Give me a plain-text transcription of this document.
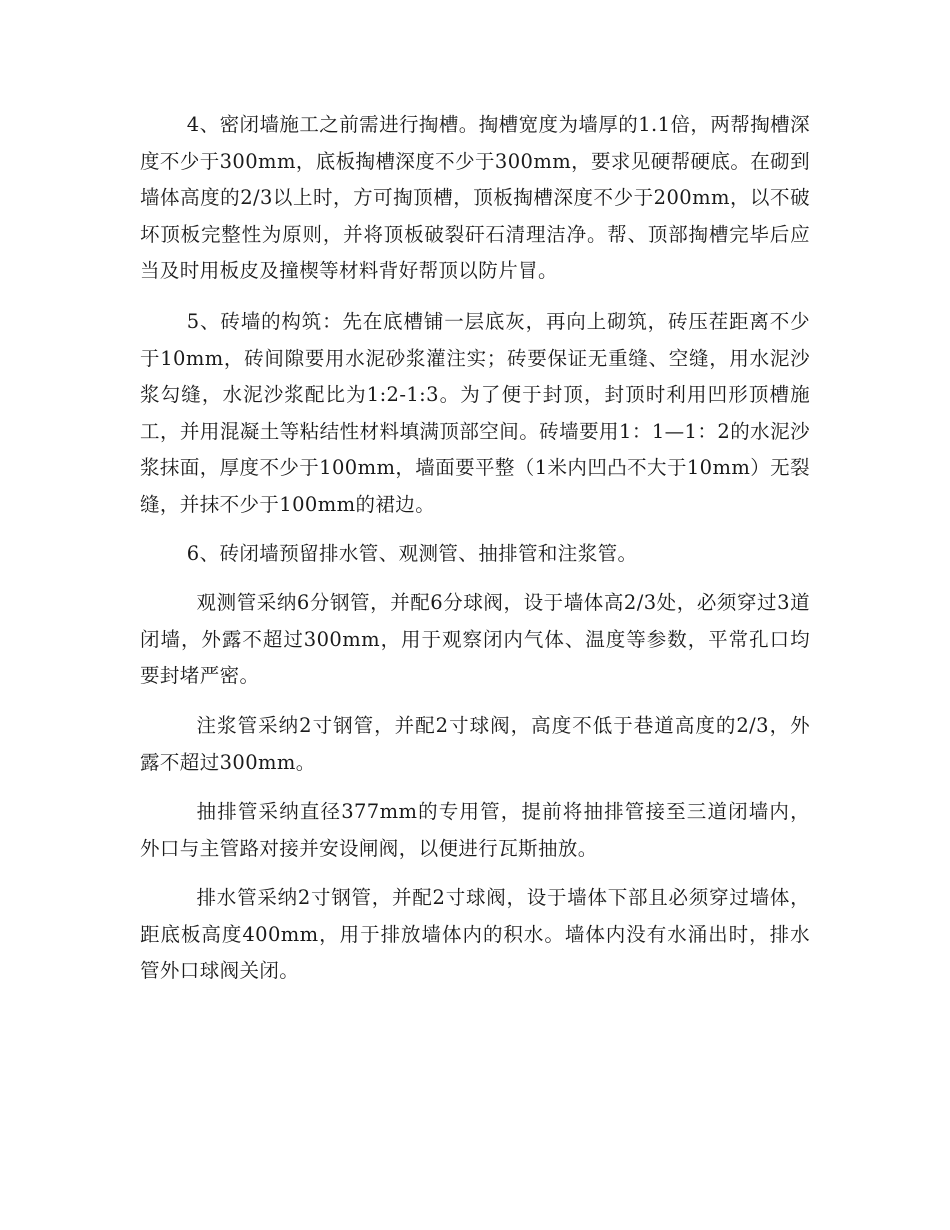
4、密闭墙施工之前需进行掏槽。掏槽宽度为墙厚的1.1倍，两帮掏槽深度不少于300mm，底板掏槽深度不少于300mm，要求见硬帮硬底。在砌到墙体高度的2/3以上时，方可掏顶槽，顶板掏槽深度不少于200mm，以不破坏顶板完整性为原则，并将顶板破裂矸石清理洁净。帮、顶部掏槽完毕后应当及时用板皮及撞楔等材料背好帮顶以防片冒。

5、砖墙的构筑：先在底槽铺一层底灰，再向上砌筑，砖压茬距离不少于10mm，砖间隙要用水泥砂浆灌注实；砖要保证无重缝、空缝，用水泥沙浆勾缝，水泥沙浆配比为1:2-1:3。为了便于封顶，封顶时利用凹形顶槽施工，并用混凝土等粘结性材料填满顶部空间。砖墙要用1：1—1：2的水泥沙浆抹面，厚度不少于100mm，墙面要平整（1米内凹凸不大于10mm）无裂缝，并抹不少于100mm的裙边。

6、砖闭墙预留排水管、观测管、抽排管和注浆管。

观测管采纳6分钢管，并配6分球阀，设于墙体高2/3处，必须穿过3道闭墙，外露不超过300mm，用于观察闭内气体、温度等参数，平常孔口均要封堵严密。

注浆管采纳2寸钢管，并配2寸球阀，高度不低于巷道高度的2/3，外露不超过300mm。

抽排管采纳直径377mm的专用管，提前将抽排管接至三道闭墙内，外口与主管路对接并安设闸阀，以便进行瓦斯抽放。

排水管采纳2寸钢管，并配2寸球阀，设于墙体下部且必须穿过墙体，距底板高度400mm，用于排放墙体内的积水。墙体内没有水涌出时，排水管外口球阀关闭。
